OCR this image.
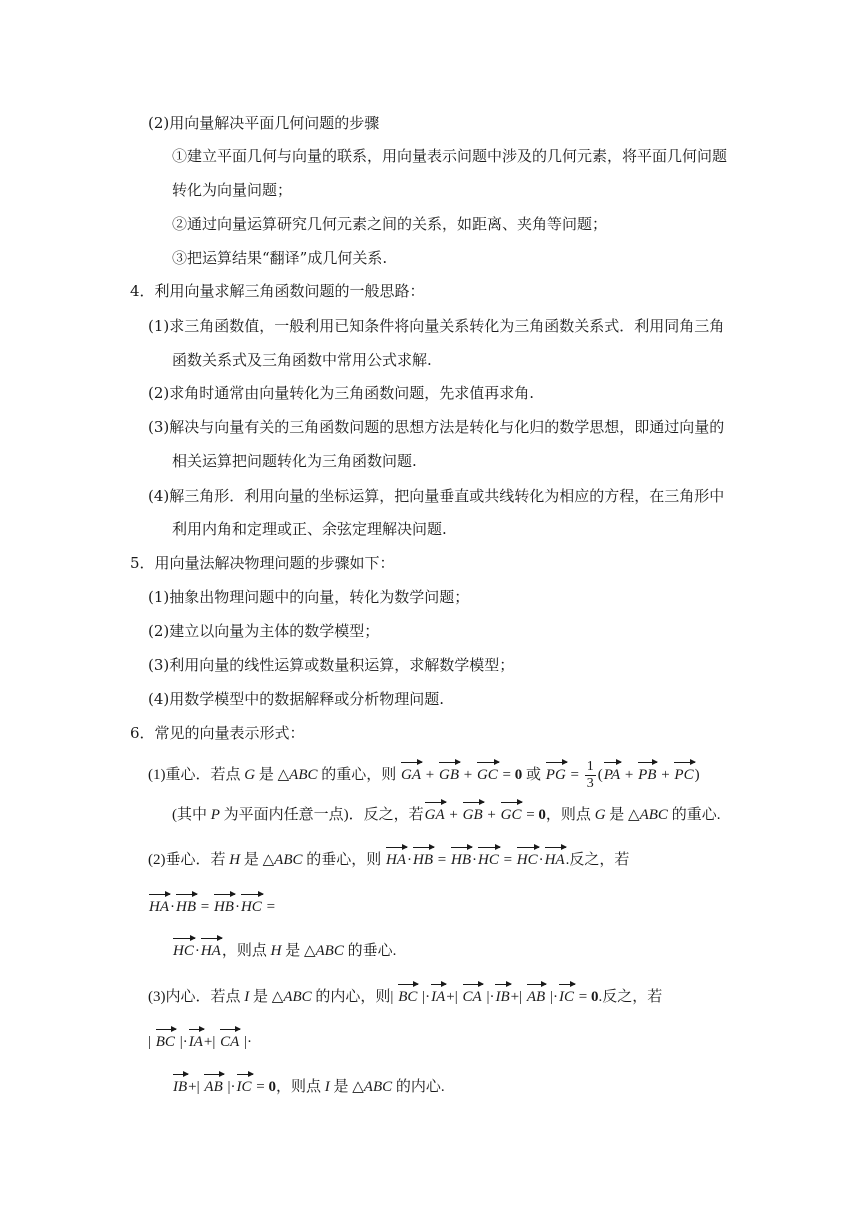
(2)用向量解决平面几何问题的步骤
①建立平面几何与向量的联系，用向量表示问题中涉及的几何元素，将平面几何问题
转化为向量问题；
②通过向量运算研究几何元素之间的关系，如距离、夹角等问题；
③把运算结果“翻译”成几何关系.
4．利用向量求解三角函数问题的一般思路：
(1)求三角函数值，一般利用已知条件将向量关系转化为三角函数关系式．利用同角三角
函数关系式及三角函数中常用公式求解.
(2)求角时通常由向量转化为三角函数问题，先求值再求角.
(3)解决与向量有关的三角函数问题的思想方法是转化与化归的数学思想，即通过向量的
相关运算把问题转化为三角函数问题.
(4)解三角形．利用向量的坐标运算，把向量垂直或共线转化为相应的方程，在三角形中
利用内角和定理或正、余弦定理解决问题.
5．用向量法解决物理问题的步骤如下：
(1)抽象出物理问题中的向量，转化为数学问题；
(2)建立以向量为主体的数学模型；
(3)利用向量的线性运算或数量积运算，求解数学模型；
(4)用数学模型中的数据解释或分析物理问题.
6．常见的向量表示形式：
(1)重心．若点 G 是 △ABC 的重心，则 GA + GB + GC = 0 或 PG = $\frac{1}{3} (PA$ + PB + PC)
(其中 P 为平面内任意一点)．反之，若GA + GB + GC = 0，则点 G 是 △ABC 的重心.
(2)垂心．若 H 是 △ABC 的垂心，则 HA·HB = HB·HC = HC·HA.反之，若
HA·HB = HB·HC =
HC·HA，则点 H 是 △ABC 的垂心.
(3)内心．若点 I 是 △ABC 的内心，则| BC |·IA+| CA |·IB+| AB |·IC = 0.反之，若
| BC |·IA+| CA |·
IB+| AB |·IC = 0，则点 I 是 △ABC 的内心.
